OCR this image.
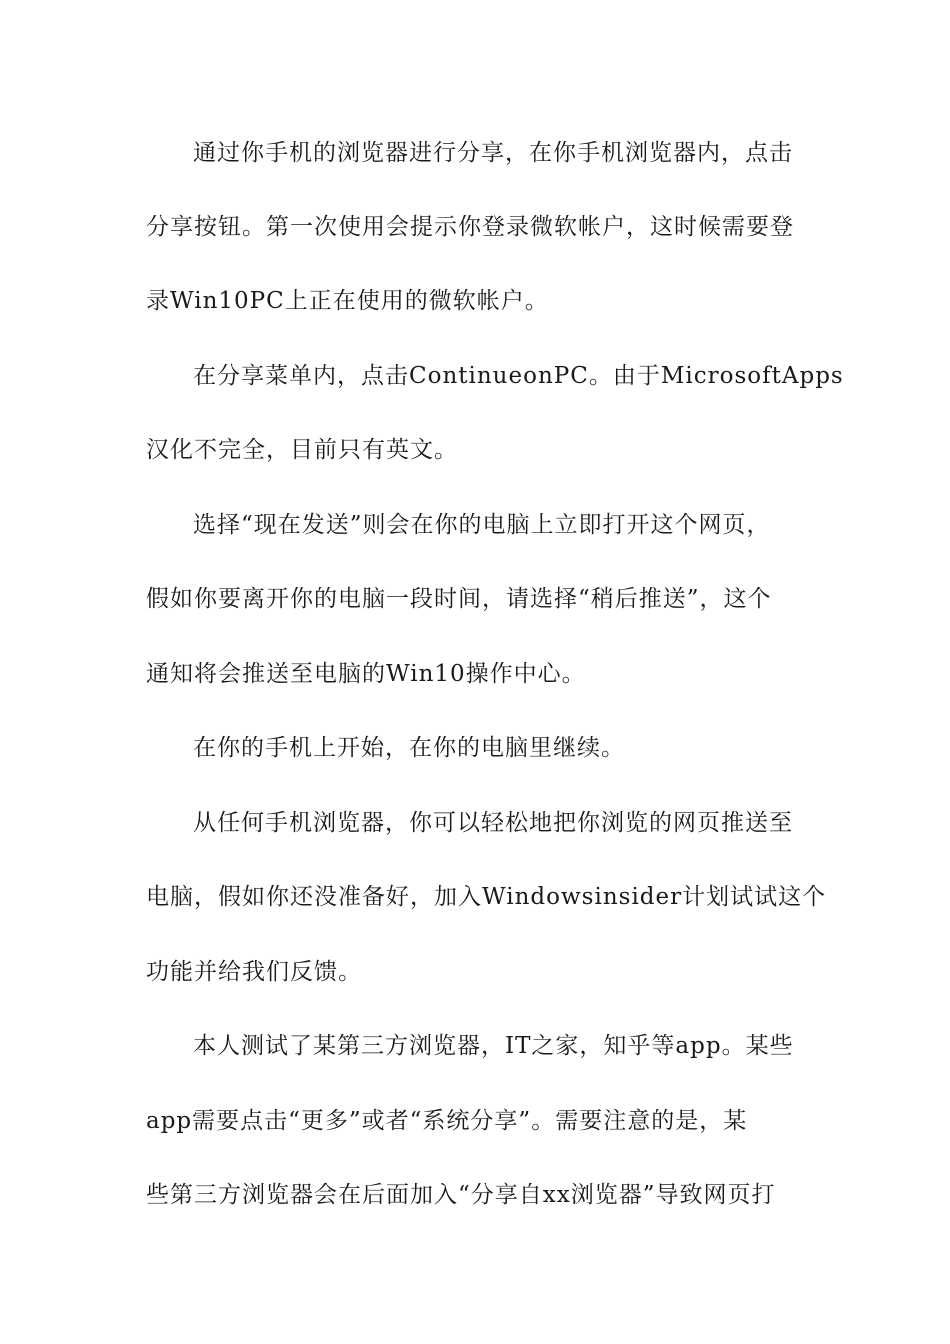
通过你手机的浏览器进行分享，在你手机浏览器内，点击
分享按钮。第一次使用会提示你登录微软帐户，这时候需要登
录Win10PC上正在使用的微软帐户。
在分享菜单内，点击ContinueonPC。由于MicrosoftApps
汉化不完全，目前只有英文。
选择“现在发送”则会在你的电脑上立即打开这个网页，
假如你要离开你的电脑一段时间，请选择“稍后推送”，这个
通知将会推送至电脑的Win10操作中心。
在你的手机上开始，在你的电脑里继续。
从任何手机浏览器，你可以轻松地把你浏览的网页推送至
电脑，假如你还没准备好，加入Windowsinsider计划试试这个
功能并给我们反馈。
本人测试了某第三方浏览器，IT之家，知乎等app。某些
app需要点击“更多”或者“系统分享”。需要注意的是，某
些第三方浏览器会在后面加入“分享自xx浏览器”导致网页打
